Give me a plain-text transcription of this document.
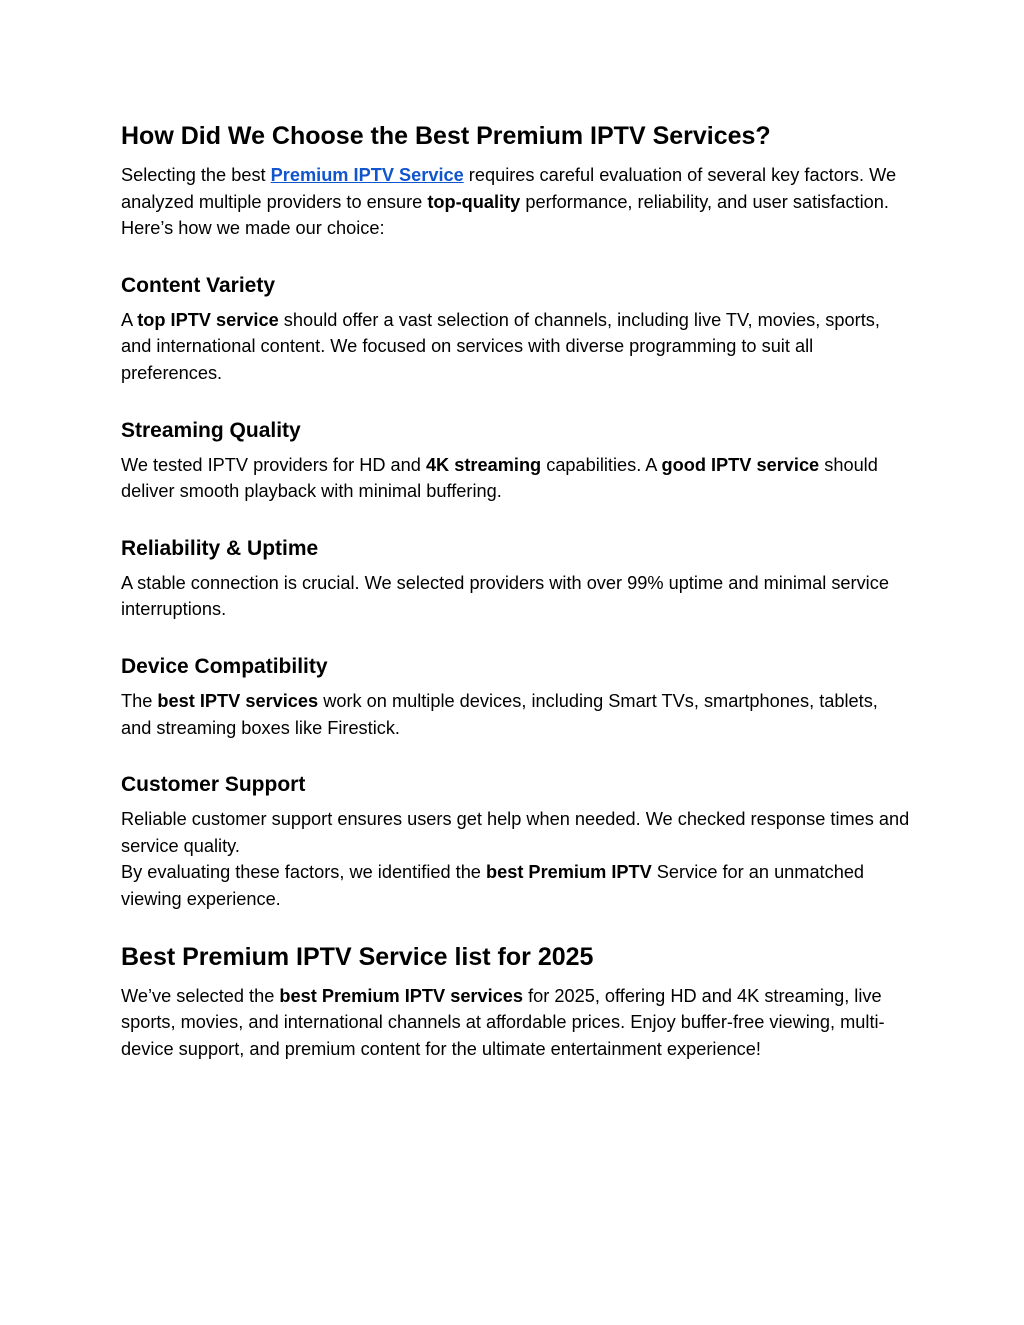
How Did We Choose the Best Premium IPTV Services?

Selecting the best Premium IPTV Service requires careful evaluation of several key factors. We analyzed multiple providers to ensure top-quality performance, reliability, and user satisfaction. Here’s how we made our choice:

Content Variety

A top IPTV service should offer a vast selection of channels, including live TV, movies, sports, and international content. We focused on services with diverse programming to suit all preferences.

Streaming Quality

We tested IPTV providers for HD and 4K streaming capabilities. A good IPTV service should deliver smooth playback with minimal buffering.

Reliability & Uptime

A stable connection is crucial. We selected providers with over 99% uptime and minimal service interruptions.

Device Compatibility

The best IPTV services work on multiple devices, including Smart TVs, smartphones, tablets, and streaming boxes like Firestick.

Customer Support

Reliable customer support ensures users get help when needed. We checked response times and service quality.

By evaluating these factors, we identified the best Premium IPTV Service for an unmatched viewing experience.

Best Premium IPTV Service list for 2025

We’ve selected the best Premium IPTV services for 2025, offering HD and 4K streaming, live sports, movies, and international channels at affordable prices. Enjoy buffer-free viewing, multi-device support, and premium content for the ultimate entertainment experience!
